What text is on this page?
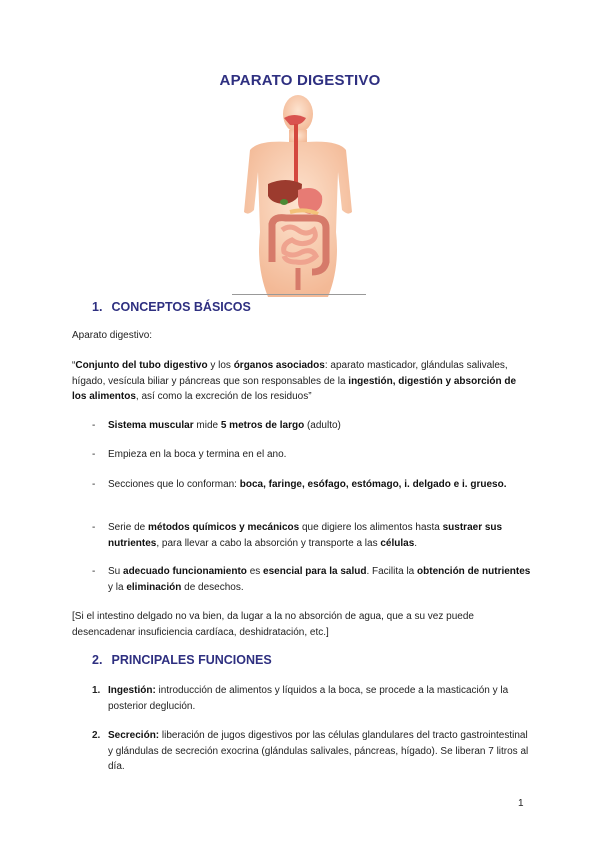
APARATO DIGESTIVO
1. CONCEPTOS BÁSICOS
Aparato digestivo:
“Conjunto del tubo digestivo y los órganos asociados: aparato masticador, glándulas salivales, hígado, vesícula biliar y páncreas que son responsables de la ingestión, digestión y absorción de los alimentos, así como la excreción de los residuos”
- Sistema muscular mide 5 metros de largo (adulto)
- Empieza en la boca y termina en el ano.
- Secciones que lo conforman: boca, faringe, esófago, estómago, i. delgado e i. grueso.
- Serie de métodos químicos y mecánicos que digiere los alimentos hasta sustraer sus nutrientes, para llevar a cabo la absorción y transporte a las células.
- Su adecuado funcionamiento es esencial para la salud. Facilita la obtención de nutrientes y la eliminación de desechos.
[Si el intestino delgado no va bien, da lugar a la no absorción de agua, que a su vez puede desencadenar insuficiencia cardíaca, deshidratación, etc.]
2. PRINCIPALES FUNCIONES
1. Ingestión: introducción de alimentos y líquidos a la boca, se procede a la masticación y la posterior deglución.
2. Secreción: liberación de jugos digestivos por las células glandulares del tracto gastrointestinal y glándulas de secreción exocrina (glándulas salivales, páncreas, hígado). Se liberan 7 litros al día.
1
